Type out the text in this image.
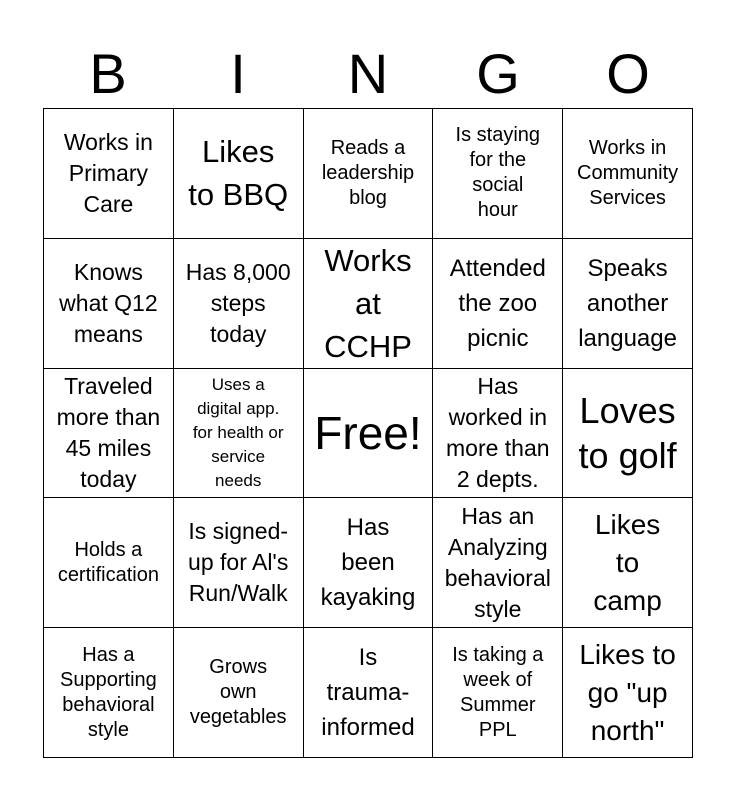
B	I	N	G	O
Works in
Primary
Care
Likes
to BBQ
Reads a
leadership
blog
Is staying
for the
social
hour
Works in
Community
Services
Knows
what Q12
means
Has 8,000
steps
today
Works
at
CCHP
Attended
the zoo
picnic
Speaks
another
language
Traveled
more than
45 miles
today
Uses a
digital app.
for health or
service
needs
Free!
Has
worked in
more than
2 depts.
Loves
to golf
Holds a
certification
Is signed-
up for Al's
Run/Walk
Has
been
kayaking
Has an
Analyzing
behavioral
style
Likes
to
camp
Has a
Supporting
behavioral
style
Grows
own
vegetables
Is
trauma-
informed
Is taking a
week of
Summer
PPL
Likes to
go "up
north"
